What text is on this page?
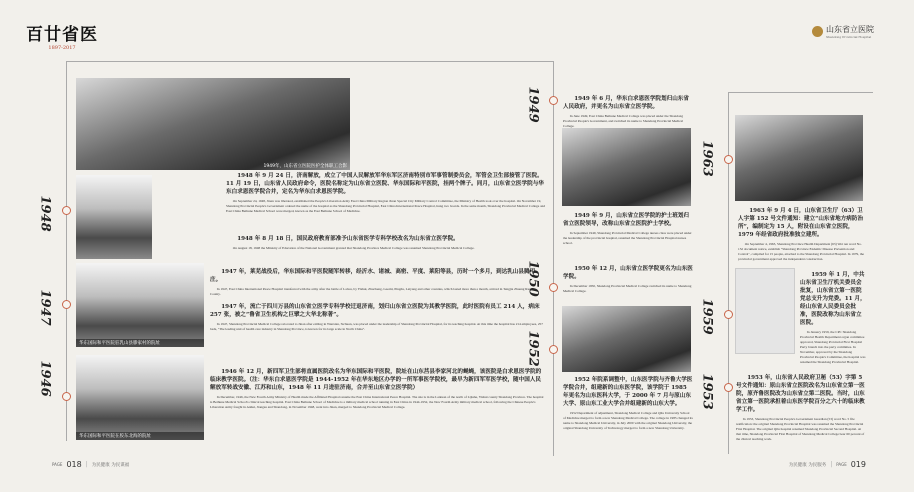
百廿省医
1897-2017
山东省立医院
Shandong Provincial Hospital
1948
1947
1946
1949
1950
1952
1963
1959
1953
1949年，山东省立医院医护全体职工合影
华东国际和平医院驻乳山县滕家村的院址
华东国际和平医院在胶东北海的院址

1948 年 9 月 24 日，济南解放，成立了中国人民解放军华东军区济南特别市军事管制委员会，军管会卫生部接管了医院。11 月 19 日，山东省人民政府命令，医院名称定为山东省立医院、华东国际和平医院，挂两个牌子。同月，山东省立医学院与华东白求恩医学院合并，定名为华东白求恩医学院。

On September 24, 1948, Jinan was liberated, established the People's Liberation Army East China Military Region Jinan Special City Military Control Committee, the Ministry of Health took over the hospital. On November 19, Shandong Provincial People's Government ordered the name of the hospital as the Shandong Provincial Hospital, East China International Peace Hospital, hung two boards. In the same month, Shandong Provincial Medical College and East China Bethune Medical School were merged, known as the East Bethune School of Medicine.

1948 年 8 月 18 日，国民政府教育部准予山东省医学专科学校改名为山东省立医学院。

On August 18, 1948 the Ministry of Education of the National Government granted that Shandong Province Medical College was renamed Shandong Provincial Medical College.

1947 年，莱芜战役后，华东国际和平医院随军转移，经沂水、诸城、高密、平度、莱阳等县，历时一个多月，到达乳山县腾甲庄。

In 1947, East China International Peace Hospital transferred with the army after the battle of Laiwu, by Yishui, Zhucheng, Gaomi, Pingdu, Laiyang and other counties, which lasted more than a month, arrived in Tengjia Zhuang Rushan County.

1947 年，流亡于四川万县的山东省立医学专科学校迁返济南，划归山东省立医院为其教学医院，此时医院有员工 214 人，病床 257 张，被之“鲁省卫生机构之巨擘之大华北称著”。

In 1947, Shandong Provincial Medical College relocated to Jinan after exiling in Wanxian, Sichuan, was placed under the leadership of Shandong Provincial Hospital, for its teaching hospital. At this time the hospital has 214 employees, 257 beds, "The leading unit of health care industry in Shandong Province, is known for its large scale in North China".

1946 年 12 月，新四军卫生部将直属医院改名为华东国际和平医院，院址在山东莒县李家河北的蝇蝇，该医院是白求恩医学院的临床教学医院。（注：华东白求恩医学院是 1944-1952 年在华东地区办学的一所军事医学院校，最早为新四军军医学校，随中国人民解放军转战安徽、江苏和山东，1948 年 11 月进驻济南，合并至山东省立医学院）

In December, 1946, the New Fourth Army Ministry of Health made the Affiliated Hospital rename the East China International Peace Hospital. The site is in the Lantuan of the north of Lijiahe, Yishui county Shandong Province. The hospital is Bethune Medical School's clinical teaching hospital. East China Bethune School of Medicine is a military medical school running in East China in 1944-1952, the New Fourth Army military medical school, following the Chinese People's Liberation Army fought in Anhui, Jiangsu and Shandong, in November 1948, went into Jinan, merged to Shandong Provincial Medical College.

1949 年 6 月，华东白求恩医学院划归山东省人民政府，并更名为山东省立医学院。

In June 1949, East China Bethune Medical College was placed under the Shandong Provincial People's Government, and switched its name to Shandong Provincial Medical College.

1949 年 9 月，山东省立医学院的护士班划归省立医院领导，改称山东省立医院护士学校。

In September 1949, Shandong Provincial Medical College nurses class were placed under the leadership of the provincial hospital, renamed the Shandong Provincial Hospital nurses school.

1950 年 12 月，山东省立医学院更名为山东医学院。

In December 1950, Shandong Provincial Medical College switched its name to Shandong Medical College.

1952 年院系调整中，山东医学院与齐鲁大学医学院合并，组建新的山东医学院，该学院于 1985 年更名为山东医科大学，于 2000 年 7 月与原山东大学、原山东工业大学合并组建新的山东大学。

1952 Department of adjustment, Shandong Medical College and Qilu University School of Medicine merged to form a new Shandong Medical College. The college in 1985 changed its name to Shandong Medical University, in July 2000 with the original Shandong University, the original Shandong University of Technology merged to form a new Shandong University.

1963 年 9 月 4 日，山东省卫生厅（63）卫人字第 152 号文件通知：建立“山东省地方病防治所”，编制定为 15 人，附设在山东省立医院，1979 年经省政府批准独立建所。

On September 4, 1963, Shandong Province Health Department (63) Wei ren word No. 152 document notice, establish "Shandong Province Endemic Disease Prevention and Control", compiled for 15 people, attached to the Shandong Provincial Hospital. In 1979, the provincial government approved the independent construction.

1959 年 1 月，中共山东省卫生厅机关委员会批复，山东省立第一医院党总支升为党委。11 月，经山东省人民委员会批准，医院改称为山东省立医院。

In January 1959, the CPC Shandong Provincial Health Department organ committee approved, Shandong Provincial First Hospital Party branch into the party committee. In November, approved by the Shandong Provincial People's Committee, the hospital was renamed the Shandong Provincial Hospital.

1953 年，山东省人民政府卫秘（53）字第 5 号文件通知：原山东省立医院改名为山东省立第一医院，原齐鲁医院改为山东省立第二医院。当时，山东省立第一医院承担着山东医学院百分之六十的临床教学工作。

In 1953, Shandong Provincial People's Government Guardian (53) word No. 5 file notification: the original Shandong Provincial Hospital was renamed the Shandong Provincial First Hospital. The original Qilu hospital renamed Shandong Provincial Second Hospital. At that time, Shandong Provincial First Hospital of Shandong Medical College bear 60 percent of the clinical teaching work.

PAGE 018 | 为民健康 为民谋福	为民健康 为民服务 | PAGE 019
